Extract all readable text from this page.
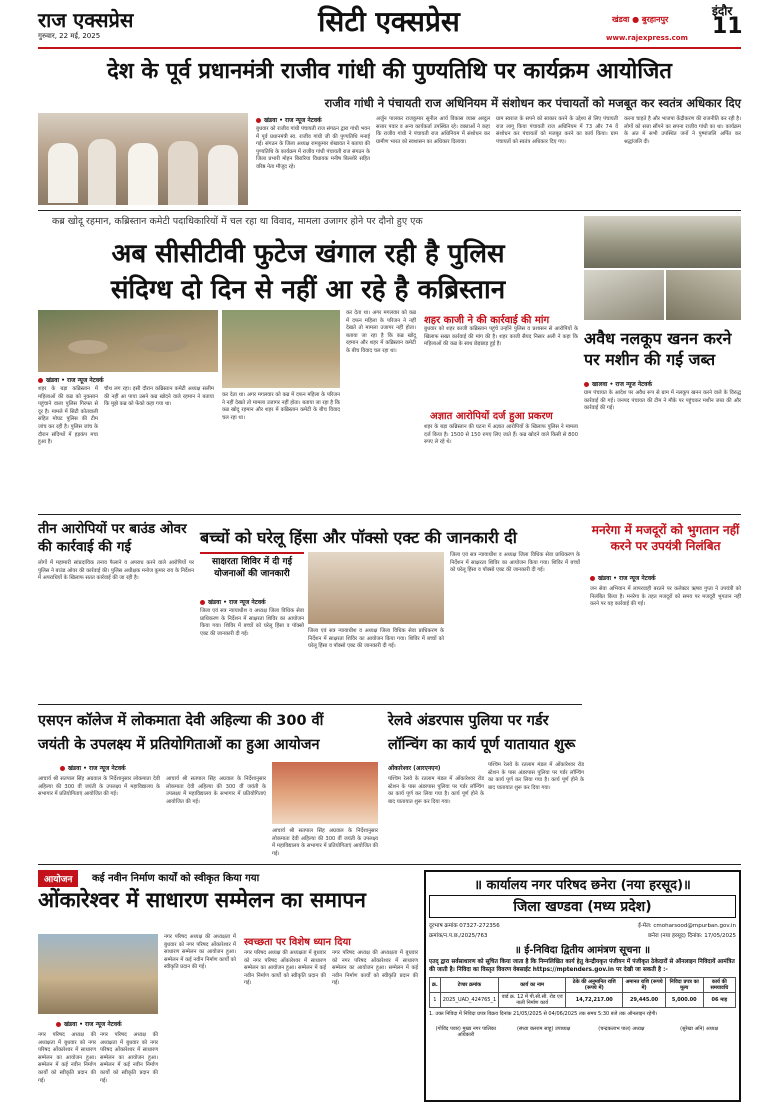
राज एक्सप्रेस
गुरुवार, 22 मई, 2025	सिटी एक्सप्रेस	खंडवा ● बुरहानपुर
इंदौर
11
www.rajexpress.com
देश के पूर्व प्रधानमंत्री राजीव गांधी की पुण्यतिथि पर कार्यक्रम आयोजित
राजीव गांधी ने पंचायती राज अधिनियम में संशोधन कर पंचायतों को मजबूत कर स्वतंत्र अधिकार दिए
खंडवा • राज न्यूज नेटवर्क
बुधवार को राजीव गांधी पंचायती राज संगठन द्वारा गांधी भवन में पूर्व प्रधानमंत्री स्व. राजीव गांधी जी की पुण्यतिथि मनाई गई। संगठन के जिला अध्यक्ष रामकुमार शेखावत ने बताया की पुण्यतिथि के कार्यक्रम में राजीव गांधी पंचायती राज संगठन के जिला प्रभारी मोहन बिरारिया विधायक मनीष बिल्लोरे सहित वरिष्ठ नेता मौजूद रहे।
अर्जुन पालकर राजकुमार सुनील आर्य विकास व्यास अब्दुल सत्तार पवार व अन्य कार्यकर्ता उपस्थित रहे। वक्ताओं ने कहा कि राजीव गांधी ने पंचायती राज अधिनियम में संशोधन कर ग्रामीण भारत को स्वशासन का अधिकार दिलाया।
ग्राम स्वराज के सपने को साकार करने के उद्देश्य से लिए पंचायती राज लागू किया पंचायती राज अधिनियम में 73 और 74 वें संशोधन कर पंचायतों को मजबूत करने का कार्य किया। ग्राम पंचायतों को स्वतंत्र अधिकार दिए गए।
करना चाहते है और भाजपा केंद्रीकरण की राजनीति कर रही है। लोगों को सत्ता सौंपने का सपना राजीव गांधी का था। कार्यक्रम के अंत में सभी उपस्थित जनों ने पुष्पांजलि अर्पित कर श्रद्धांजलि दी।
कब्र खोदू रहमान, कब्रिस्तान कमेटी पदाधिकारियों में चल रहा था विवाद, मामला उजागर होने पर दौनो हुए एक
अब सीसीटीवी फुटेज खंगाल रही है पुलिस
संदिग्ध दो दिन से नहीं आ रहे है कब्रिस्तान
खंडवा • राज न्यूज नेटवर्क
शहर के बड़ा कब्रिस्तान में महिलाओं की कब्र को नुकसान पहुंचाने वाला पुलिस गिरफ्त से दूर है। मामले में सिटी कोतवाली सहित मोघट पुलिस की टीम जांच कर रही है। पुलिस जांच के दौरान संदिग्धों में हड़कंप मचा हुआ है।
चौथ लग रहा। इसी दौरान कब्रिस्तान कमेटी अध्यक्ष सलीम की नहीं आ पाया उसने कब्र खोदने वाले रहमान ने बताया कि मुझे कब्र को फेंको कहा गया था।
कर देता था। अगर मगलवार को कब्र में दफन महिला के परिजन ने नहीं देखते तो मामला उजागर नहीं होता। बताया जा रहा है कि कब्र खोदू रहमान और शहर में कब्रिस्तान कमेटी के बीच विवाद चल रहा था।
कर देता था। अगर मगलवार को कब्र में दफन महिला के परिजन ने नहीं देखते तो मामला उजागर नहीं होता। बताया जा रहा है कि कब्र खोदू रहमान और शहर में कब्रिस्तान कमेटी के बीच विवाद चल रहा था।
शहर काजी ने की कार्रवाई की मांग
बुधवार को शहर काजी कब्रिस्तान पहुंचे उन्होंने पुलिस व प्रशासन से आरोपियों के खिलाफ सख्त कार्रवाई की मांग की है। शहर काजी सैयद निसार अली ने कहा कि महिलाओं की कब्र के साथ छेड़छाड़ हुई है।
अज्ञात आरोपियों दर्ज हुआ प्रकरण
शहर के बड़ा कब्रिस्तान की घटना में अज्ञात आरोपियों के खिलाफ पुलिस ने मामला दर्ज किया है। 1500 से 150 रुपए लिए जाते हैं। कब्र खोदने वाले किसी से 800 रुपए ले रहे थे।
अवैध नलकूप खनन करने पर मशीन की गई जब्त
खालवा • राज न्यूज नेटवर्क
ग्राम पंचायत के आदेश पर अवैध रूप से ग्राम में नलकूप खनन करने वाले के विरुद्ध कार्रवाई की गई। जनपद पंचायत की टीम ने मौके पर पहुंचकर मशीन जब्त की और कार्रवाई की गई।
तीन आरोपियों पर बाउंड ओवर की कार्रवाई की गई
लोगों में महामारी सांप्रदायिक तनाव फैलाने व अपराध करने वाले आरोपियों पर पुलिस ने बाउंड ओवर की कार्रवाई की। पुलिस अधीक्षक मनोज कुमार राय के निर्देशन में अपराधियों के खिलाफ सतत कार्रवाई की जा रही है।
बच्चों को घरेलू हिंसा और पॉक्सो एक्ट की जानकारी दी
साक्षरता शिविर में दी गई योजनाओं की जानकारी
खंडवा • राज न्यूज नेटवर्क
जिला एवं सत्र न्यायाधीश व अध्यक्ष जिला विधिक सेवा प्राधिकरण के निर्देशन में साक्षरता शिविर का आयोजन किया गया। शिविर में बच्चों को घरेलू हिंसा व पॉक्सो एक्ट की जानकारी दी गई।	जिला एवं सत्र न्यायाधीश व अध्यक्ष जिला विधिक सेवा प्राधिकरण के निर्देशन में साक्षरता शिविर का आयोजन किया गया। शिविर में बच्चों को घरेलू हिंसा व पॉक्सो एक्ट की जानकारी दी गई।
जिला एवं सत्र न्यायाधीश व अध्यक्ष जिला विधिक सेवा प्राधिकरण के निर्देशन में साक्षरता शिविर का आयोजन किया गया। शिविर में बच्चों को घरेलू हिंसा व पॉक्सो एक्ट की जानकारी दी गई।
मनरेगा में मजदूरों को भुगतान नहीं करने पर उपयंत्री निलंबित
खंडवा • राज न्यूज नेटवर्क
जन सेवा अभियान में लापरवाही बरतने पर कलेक्टर ऋषव गुप्ता ने उपयंत्री को निलंबित किया है। मनरेगा के तहत मजदूरों को समय पर मजदूरी भुगतान नहीं करने पर यह कार्रवाई की गई।
एसएन कॉलेज में लोकमाता देवी अहिल्या की 300 वीं
जयंती के उपलक्ष्य में प्रतियोगिताओं का हुआ आयोजन
खंडवा • राज न्यूज नेटवर्क
आचार्य श्री सतपाल सिंह अग्रवाल के निर्देशानुसार लोकमाता देवी अहिल्या की 300 वीं जयंती के उपलक्ष्य में महाविद्यालय के सभागार में प्रतियोगिताएं आयोजित की गई।
आचार्य श्री सतपाल सिंह अग्रवाल के निर्देशानुसार लोकमाता देवी अहिल्या की 300 वीं जयंती के उपलक्ष्य में महाविद्यालय के सभागार में प्रतियोगिताएं आयोजित की गई।
आचार्य श्री सतपाल सिंह अग्रवाल के निर्देशानुसार लोकमाता देवी अहिल्या की 300 वीं जयंती के उपलक्ष्य में महाविद्यालय के सभागार में प्रतियोगिताएं आयोजित की गई।
रेलवे अंडरपास पुलिया पर गर्डर
लॉन्चिंग का कार्य पूर्ण यातायात शुरू
ओंकारेश्वर (आरएनएन)
पश्चिम रेलवे के रतलाम मंडल में ओंकारेश्वर रोड स्टेशन के पास अंडरपास पुलिया पर गर्डर लॉन्चिंग का कार्य पूर्ण कर लिया गया है। कार्य पूर्ण होने के बाद यातायात शुरू कर दिया गया।
पश्चिम रेलवे के रतलाम मंडल में ओंकारेश्वर रोड स्टेशन के पास अंडरपास पुलिया पर गर्डर लॉन्चिंग का कार्य पूर्ण कर लिया गया है। कार्य पूर्ण होने के बाद यातायात शुरू कर दिया गया।
आयोजन	कई नवीन निर्माण कार्यों को स्वीकृत किया गया
ओंकारेश्वर में साधारण सम्मेलन का समापन
खंडवा • राज न्यूज नेटवर्क
नगर परिषद अध्यक्ष की अध्यक्षता में बुधवार को नगर परिषद ओंकारेश्वर में साधारण सम्मेलन का आयोजन हुआ। सम्मेलन में कई नवीन निर्माण कार्यों को स्वीकृति प्रदान की गई।
नगर परिषद अध्यक्ष की अध्यक्षता में बुधवार को नगर परिषद ओंकारेश्वर में साधारण सम्मेलन का आयोजन हुआ। सम्मेलन में कई नवीन निर्माण कार्यों को स्वीकृति प्रदान की गई।
नगर परिषद अध्यक्ष की अध्यक्षता में बुधवार को नगर परिषद ओंकारेश्वर में साधारण सम्मेलन का आयोजन हुआ। सम्मेलन में कई नवीन निर्माण कार्यों को स्वीकृति प्रदान की गई।
स्वच्छता पर विशेष ध्यान दिया
नगर परिषद अध्यक्ष की अध्यक्षता में बुधवार को नगर परिषद ओंकारेश्वर में साधारण सम्मेलन का आयोजन हुआ। सम्मेलन में कई नवीन निर्माण कार्यों को स्वीकृति प्रदान की गई।
नगर परिषद अध्यक्ष की अध्यक्षता में बुधवार को नगर परिषद ओंकारेश्वर में साधारण सम्मेलन का आयोजन हुआ। सम्मेलन में कई नवीन निर्माण कार्यों को स्वीकृति प्रदान की गई।
॥ कार्यालय नगर परिषद छनेरा (नया हरसूद)॥
जिला खण्डवा (मध्य प्रदेश)
दूरभाष क्रमांक 07327-272356	ई-मेल: cmoharsood@mpurban.gov.in
क्रमांक/न.प.छ./2025/763	छनेरा (नया हरसूद) दिनांक: 17/05/2025
॥ ई-निविदा द्वितीय आमंत्रण सूचना ॥
एतद् द्वारा सर्वसाधारण को सूचित किया जाता है कि निम्नलिखित कार्य हेतु केन्द्रीयकृत पंजीयन में पंजीकृत ठेकेदारों से ऑनलाइन निविदायें आमंत्रित की जाती है। निविदा का विस्तृत विवरण वेबसाईट https://mptenders.gov.in पर देखी जा सकती है :-
क्र.	टेण्डर क्रमांक	कार्य का नाम	ठेके की अनुमानित राशि (रूपये में)	अमानत राशि (रूपये में)	निविदा प्रपत्र का मूल्य	कार्य की समयावधि
1	2025_UAD_424765_1	वार्ड क्र. 12 में पी.सी.सी. रोड एवं नाली निर्माण कार्य	14,72,217.00	29,445.00	5,000.00	06 माह
1. उक्त निविदा में निविदा प्रपत्र विक्रय दिनांक 21/05/2025 से 04/06/2025 तक समय 5:30 बजे तक ऑनलाइन रहेगी।
(गोविंद पवार) मुख्य नगर पालिका अधिकारी
(संध्या बलराम साहू) उपाध्यक्ष	(चन्द्रकलाभ पाल) अध्यक्ष	(सुरेखा अनि) अध्यक्ष
